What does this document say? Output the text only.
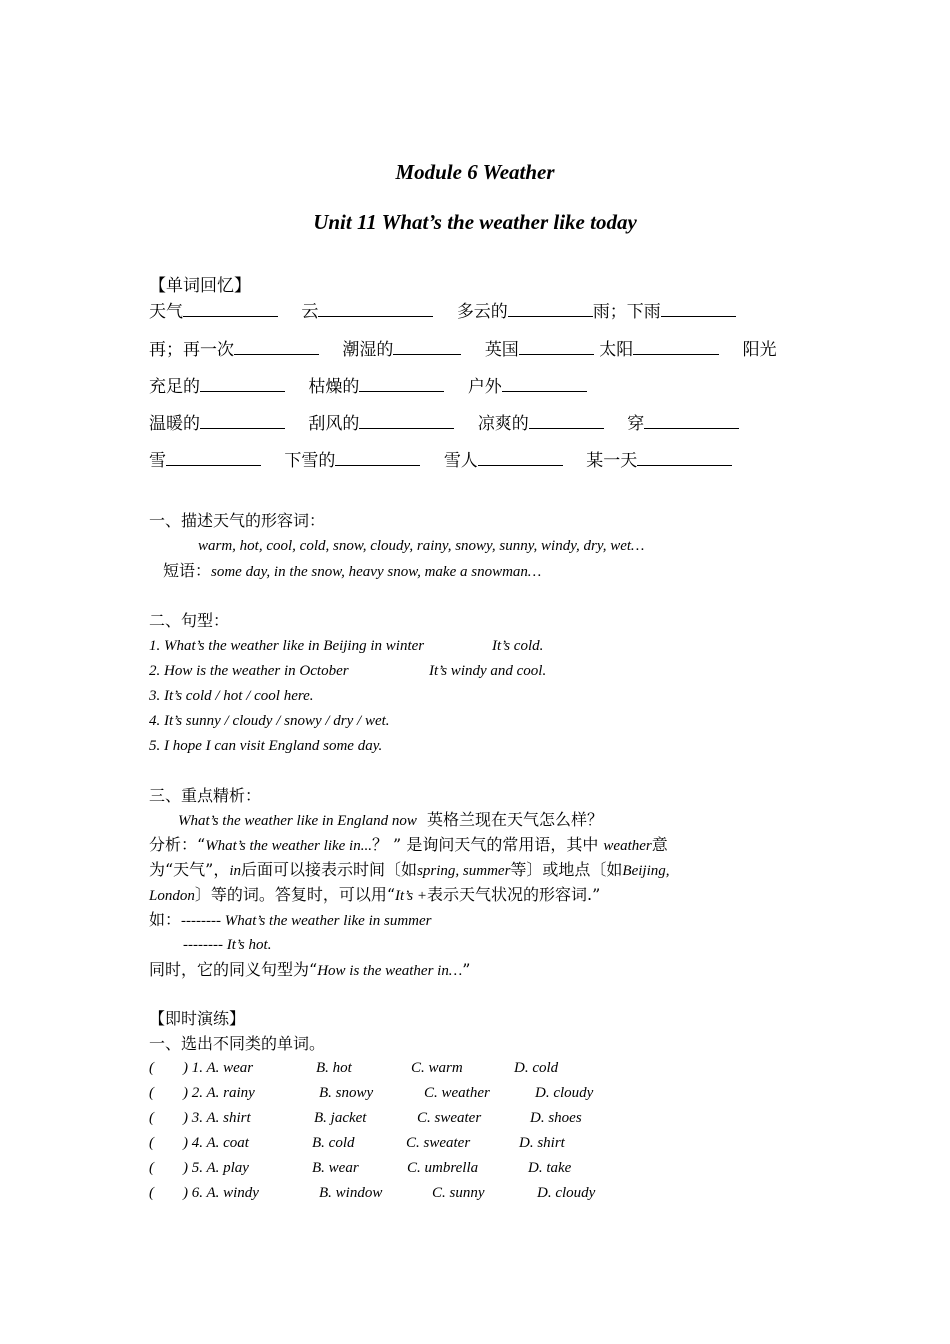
Module 6 Weather
Unit 11 What’s the weather like today
【单词回忆】
天气	云	多云的	雨；下雨
再；再一次	潮湿的	英国	太阳	阳光
充足的	枯燥的	户外
温暖的	刮风的	凉爽的	穿
雪	下雪的	雪人	某一天
一、描述天气的形容词：
warm, hot, cool, cold, snow, cloudy, rainy, snowy, sunny, windy, dry, wet…
短语：some day, in the snow, heavy snow, make a snowman…
二、句型：
1. What’s the weather like in Beijing in winter	It’s cold.
2. How is the weather in October	It’s windy and cool.
3. It’s cold / hot / cool here.
4. It’s sunny / cloudy / snowy / dry / wet.
5. I hope I can visit England some day.
三、重点精析：
What’s the weather like in England now 英格兰现在天气怎么样？
分析：“What’s the weather like in...？ ” 是询问天气的常用语，其中 weather意
为“天气”，in后面可以接表示时间〔如spring, summer等〕或地点〔如Beijing,
London〕等的词。答复时，可以用“It’s +表示天气状况的形容词.”
如：-------- What’s the weather like in summer
-------- It’s hot.
同时，它的同义句型为“How is the weather in…”
【即时演练】
一、选出不同类的单词。
( ) 1. A. wear	B. hot	C. warm	D. cold
( ) 2. A. rainy	B. snowy	C. weather	D. cloudy
( ) 3. A. shirt	B. jacket	C. sweater	D. shoes
( ) 4. A. coat	B. cold	C. sweater	D. shirt
( ) 5. A. play	B. wear	C. umbrella	D. take
( ) 6. A. windy	B. window	C. sunny	D. cloudy
